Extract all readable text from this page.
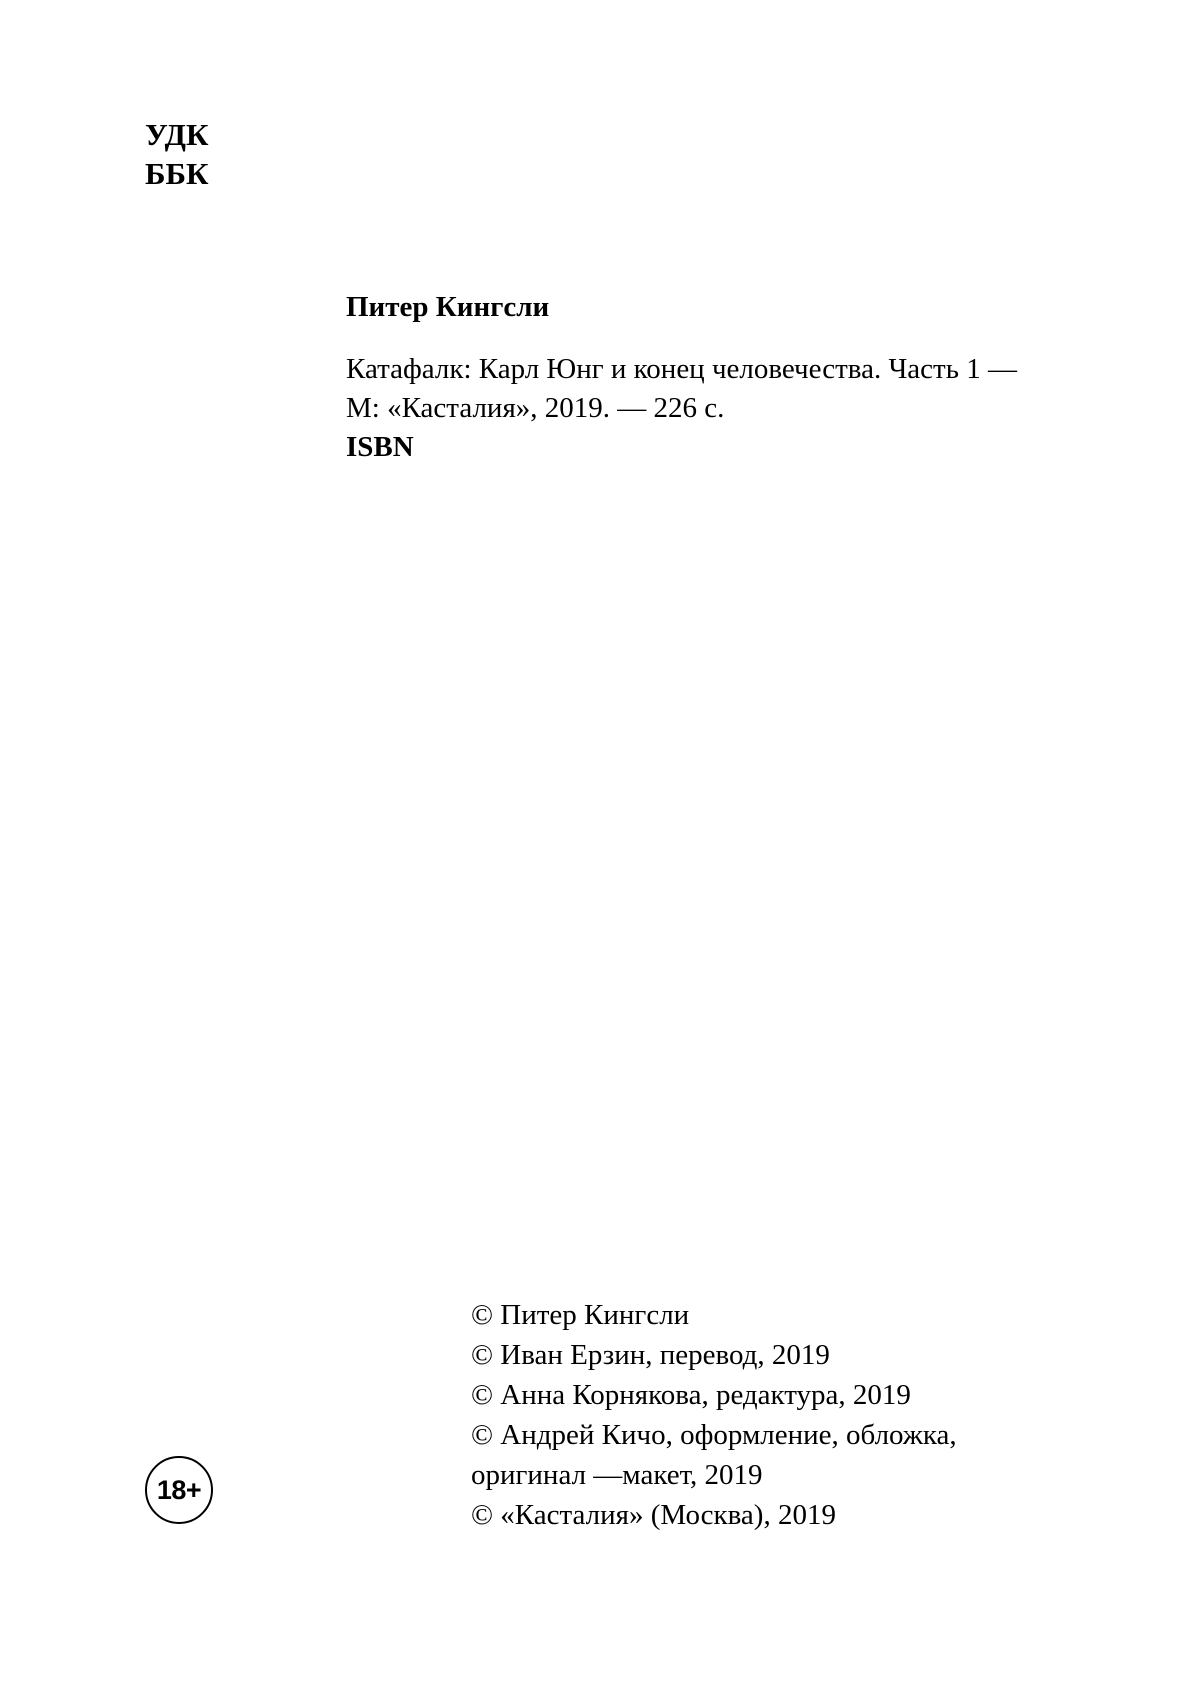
УДК
ББК
Питер Кингсли
Катафалк: Карл Юнг и конец человечества. Часть 1 —
М: «Касталия», 2019. — 226 с.
ISBN
© Питер Кингсли
© Иван Ерзин, перевод, 2019
© Анна Корнякова, редактура, 2019
© Андрей Кичо, оформление, обложка,
оригинал —макет, 2019
© «Касталия» (Москва), 2019
18+
